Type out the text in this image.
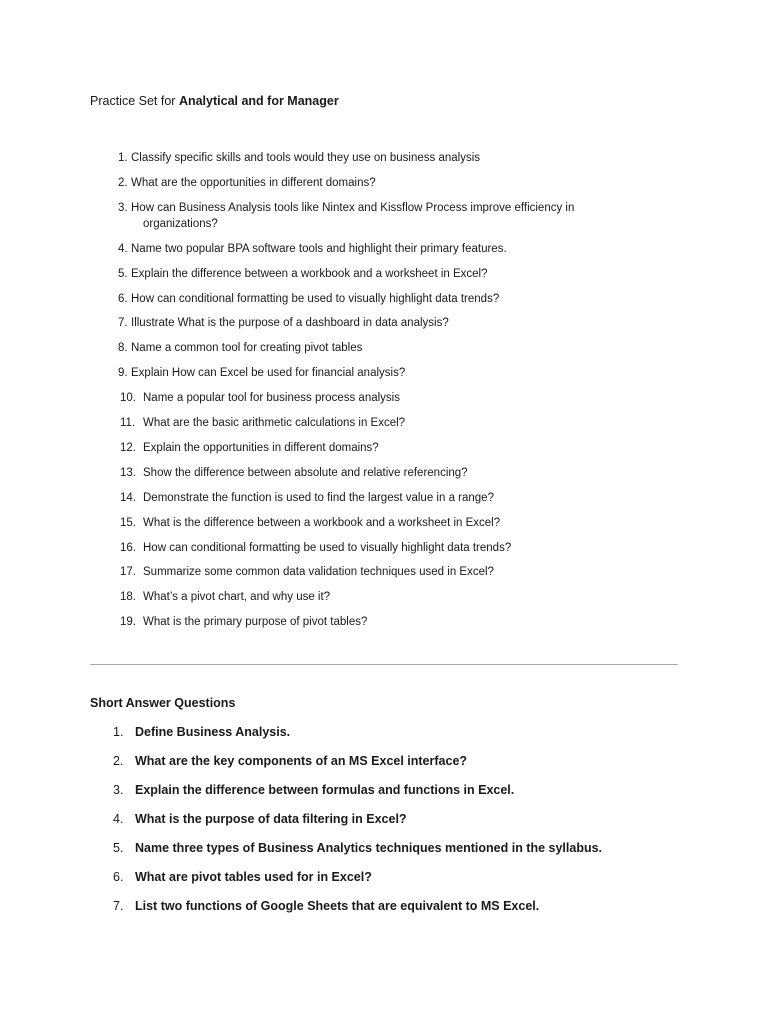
Practice Set for Analytical and for Manager
1. Classify specific skills and tools would they use on business analysis
2. What are the opportunities in different domains?
3. How can Business Analysis tools like Nintex and Kissflow Process improve efficiency in
organizations?
4. Name two popular BPA software tools and highlight their primary features.
5. Explain the difference between a workbook and a worksheet in Excel?
6. How can conditional formatting be used to visually highlight data trends?
7. Illustrate What is the purpose of a dashboard in data analysis?
8. Name a common tool for creating pivot tables
9. Explain How can Excel be used for financial analysis?
10. Name a popular tool for business process analysis
11. What are the basic arithmetic calculations in Excel?
12. Explain the opportunities in different domains?
13. Show the difference between absolute and relative referencing?
14. Demonstrate the function is used to find the largest value in a range?
15. What is the difference between a workbook and a worksheet in Excel?
16. How can conditional formatting be used to visually highlight data trends?
17. Summarize some common data validation techniques used in Excel?
18. What’s a pivot chart, and why use it?
19. What is the primary purpose of pivot tables?
Short Answer Questions
1. Define Business Analysis.
2. What are the key components of an MS Excel interface?
3. Explain the difference between formulas and functions in Excel.
4. What is the purpose of data filtering in Excel?
5. Name three types of Business Analytics techniques mentioned in the syllabus.
6. What are pivot tables used for in Excel?
7. List two functions of Google Sheets that are equivalent to MS Excel.
